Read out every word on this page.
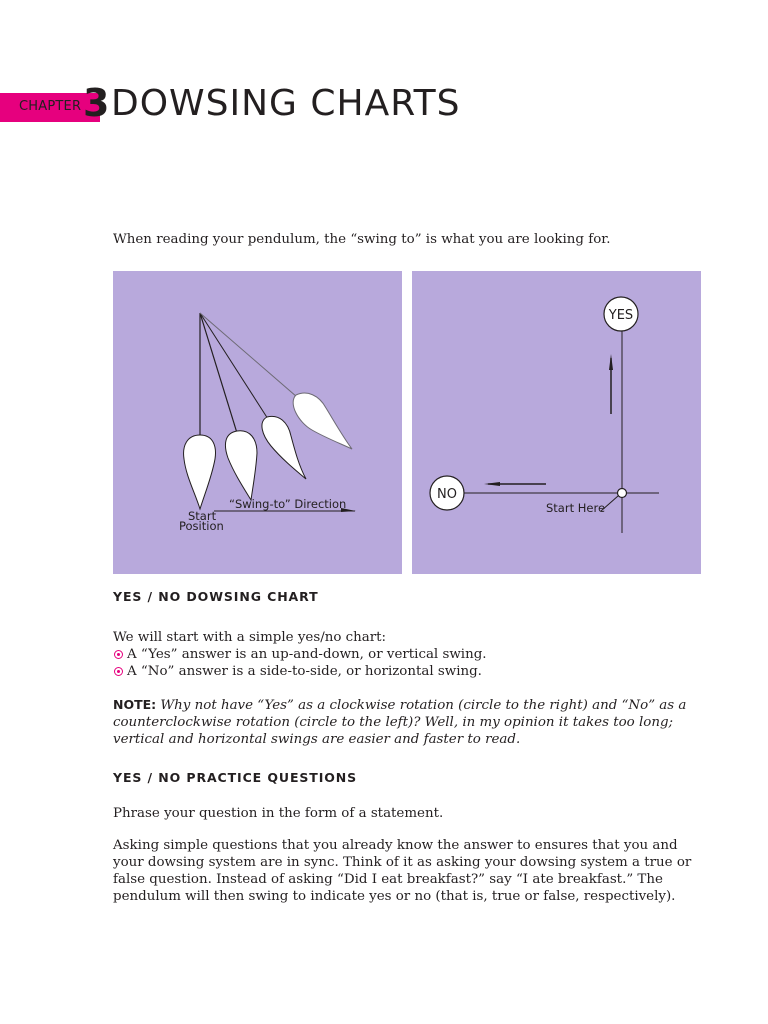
CHAPTER 3 DOWSING CHARTS

When reading your pendulum, the “swing to” is what you are looking for.

“Swing-to” Direction
Start
Position
YES
NO
Start Here
YES / NO DOWSING CHART

We will start with a simple yes/no chart:

A “Yes” answer is an up-and-down, or vertical swing.
A “No” answer is a side-to-side, or horizontal swing.

NOTE: Why not have “Yes” as a clockwise rotation (circle to the right) and “No” as a counterclockwise rotation (circle to the left)? Well, in my opinion it takes too long; vertical and horizontal swings are easier and faster to read.

YES / NO PRACTICE QUESTIONS

Phrase your question in the form of a statement.

Asking simple questions that you already know the answer to ensures that you and your dowsing system are in sync. Think of it as asking your dowsing system a true or false question. Instead of asking “Did I eat breakfast?” say “I ate breakfast.” The pendulum will then swing to indicate yes or no (that is, true or false, respectively).
